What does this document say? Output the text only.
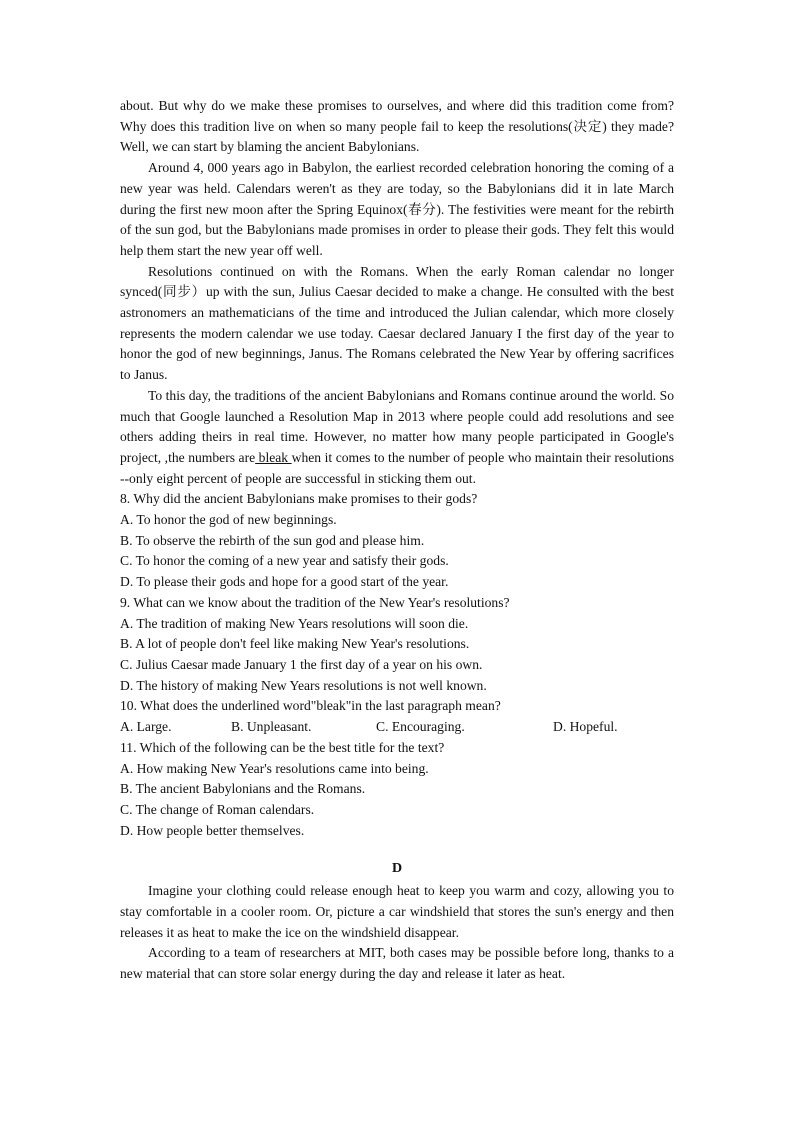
about. But why do we make these promises to ourselves, and where did this tradition come from? Why does this tradition live on when so many people fail to keep the resolutions(决定) they made? Well, we can start by blaming the ancient Babylonians.

Around 4, 000 years ago in Babylon, the earliest recorded celebration honoring the coming of a new year was held. Calendars weren't as they are today, so the Babylonians did it in late March during the first new moon after the Spring Equinox(春分). The festivities were meant for the rebirth of the sun god, but the Babylonians made promises in order to please their gods. They felt this would help them start the new year off well.

Resolutions continued on with the Romans. When the early Roman calendar no longer synced(同步）up with the sun, Julius Caesar decided to make a change. He consulted with the best astronomers an mathematicians of the time and introduced the Julian calendar, which more closely represents the modern calendar we use today. Caesar declared January I the first day of the year to honor the god of new beginnings, Janus. The Romans celebrated the New Year by offering sacrifices to Janus.

To this day, the traditions of the ancient Babylonians and Romans continue around the world. So much that Google launched a Resolution Map in 2013 where people could add resolutions and see others adding theirs in real time. However, no matter how many people participated in Google's project, ,the numbers are bleak when it comes to the number of people who maintain their resolutions --only eight percent of people are successful in sticking them out.

8. Why did the ancient Babylonians make promises to their gods?
A. To honor the god of new beginnings.
B. To observe the rebirth of the sun god and please him.
C. To honor the coming of a new year and satisfy their gods.
D. To please their gods and hope for a good start of the year.
9. What can we know about the tradition of the New Year's resolutions?
A. The tradition of making New Years resolutions will soon die.
B. A lot of people don't feel like making New Year's resolutions.
C. Julius Caesar made January 1 the first day of a year on his own.
D. The history of making New Years resolutions is not well known.
10. What does the underlined word"bleak"in the last paragraph mean?
A. Large.	B. Unpleasant.	C. Encouraging.	D. Hopeful.
11. Which of the following can be the best title for the text?
A. How making New Year's resolutions came into being.
B. The ancient Babylonians and the Romans.
C. The change of Roman calendars.
D. How people better themselves.
D

Imagine your clothing could release enough heat to keep you warm and cozy, allowing you to stay comfortable in a cooler room. Or, picture a car windshield that stores the sun's energy and then releases it as heat to make the ice on the windshield disappear.

According to a team of researchers at MIT, both cases may be possible before long, thanks to a new material that can store solar energy during the day and release it later as heat.
